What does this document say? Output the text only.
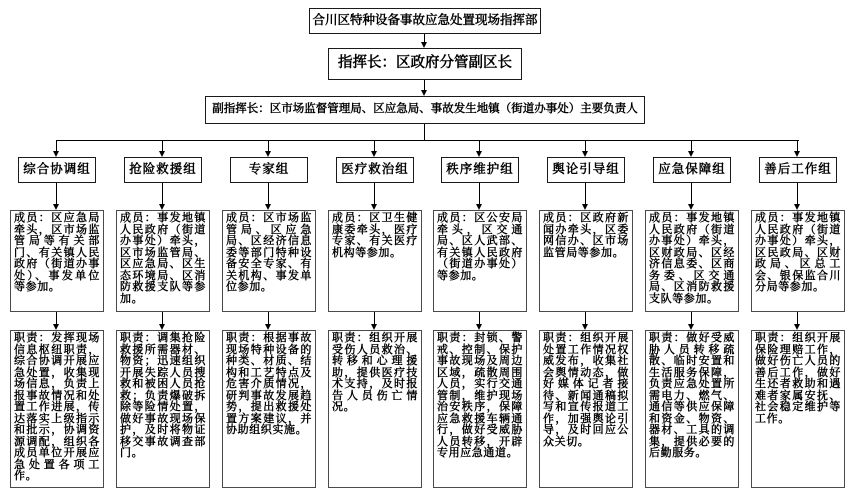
合川区特种设备事故应急处置现场指挥部
指挥长：区政府分管副区长
副指挥长：区市场监督管理局、区应急局、事故发生地镇（街道办事处）主要负责人
综合协调组
成员：区应急局牵头，区市场监管局等有关部门、有关镇人民政府（街道办事处）、事发单位等参加。
职责：发挥现场信息枢纽职责，综合协调开展应急处置，收集现场信息，负责上报事故情况和处置工作进展，传达落实上级指示和批示，协调资源调配，组织各成员单位开展应急处置各项工作。
抢险救援组
成员：事发地镇人民政府（街道办事处）牵头，区市场监管局、区应急局、区生态环境局、区消防救援支队等参加。
职责：调集抢险救援所需器材、物资；迅速组织开展失踪人员搜救和被困人员抢救；负责爆破拆除等险情处置，做好事故现场保护，及时将物证移交事故调查部门。
专家组
成员：区市场监管局、区应急局、区经济信息委等部门特种设备安全专家、有关机构、事发单位参加。
职责：根据事故现场特种设备的种类、材质、结构和工艺特点及危害介质情况，研判事故发展趋势，提出救援处置方案建议，并协助组织实施。
医疗救治组
成员：区卫生健康委牵头，医疗专家、有关医疗机构等参加。
职责：组织开展受伤人员救治、转移和心理援助，提供医疗技术支持，及时报告人员伤亡情况。
秩序维护组
成员：区公安局牵头，区交通局、区人武部、有关镇人民政府（街道办事处）等参加。
职责：封锁、警戒、控制、保护事故现场及周边区域，疏散周围人员，实行交通管制，维护现场治安秩序，保障应急救援车辆通行，做好受威胁人员转移，开辟专用应急通道。
舆论引导组
成员：区政府新闻办牵头，区委网信办、区市场监管局等参加。
职责：组织开展处置工作情况权威发布，收集社会舆情动态，做好媒体记者接待、新闻通稿拟写和宣传报道工作，加强舆论引导，及时回应公众关切。
应急保障组
成员：事发地镇人民政府（街道办事处）牵头，区财政局、区经济信息委、区商务委、区交通局、区消防救援支队等参加。
职责：做好受威胁人员转移疏散、临时安置和生活服务保障，负责应急处置所需电力、燃气、通信等供应保障和资金、物资、器材、工具的调集，提供必要的后勤服务。
善后工作组
成员：事发地镇人民政府（街道办事处）牵头，区民政局、区财政局、区总工会、银保监合川分局等参加。
职责：组织开展保险理赔工作，做好伤亡人员的善后工作，做好生还者救助和遇难者家属安抚、社会稳定维护等工作。
